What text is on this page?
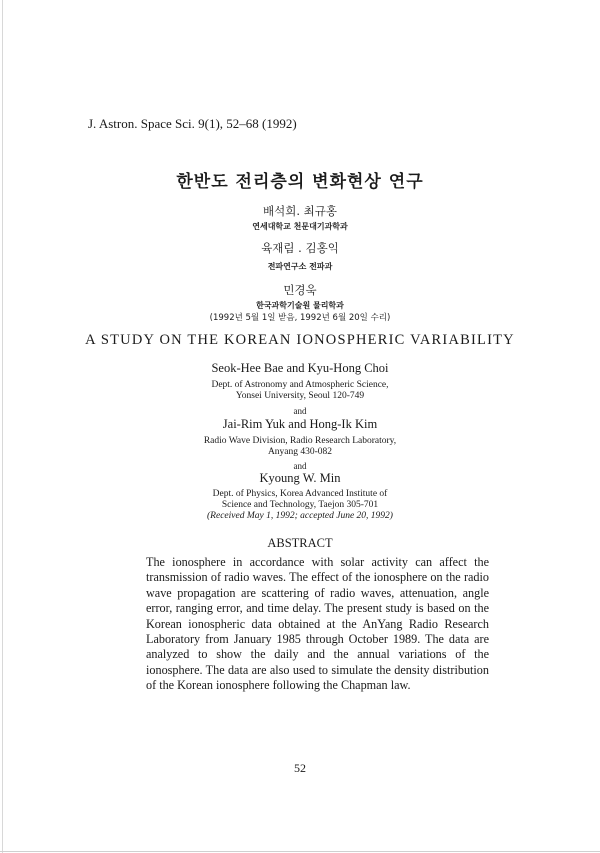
J. Astron. Space Sci. 9(1), 52–68 (1992)
한반도 전리층의 변화현상 연구
배석희. 최규홍
연세대학교 천문대기과학과
육재림 . 김홍익
전파연구소 전파과
민경욱
한국과학기술원 물리학과
(1992년 5월 1일 받음, 1992년 6월 20일 수리)
A STUDY ON THE KOREAN IONOSPHERIC VARIABILITY
Seok-Hee Bae and Kyu-Hong Choi
Dept. of Astronomy and Atmospheric Science,
Yonsei University, Seoul 120-749
and
Jai-Rim Yuk and Hong-Ik Kim
Radio Wave Division, Radio Research Laboratory,
Anyang 430-082
and
Kyoung W. Min
Dept. of Physics, Korea Advanced Institute of
Science and Technology, Taejon 305-701
(Received May 1, 1992; accepted June 20, 1992)
ABSTRACT
The ionosphere in accordance with solar activity can affect the transmission of radio waves. The effect of the ionosphere on the radio wave propagation are scattering of radio waves, attenuation, angle error, ranging error, and time delay. The present study is based on the Korean ionospheric data obtained at the AnYang Radio Research Laboratory from January 1985 through October 1989. The data are analyzed to show the daily and the annual variations of the ionosphere. The data are also used to simulate the density distribution of the Korean ionosphere following the Chapman law.
52
